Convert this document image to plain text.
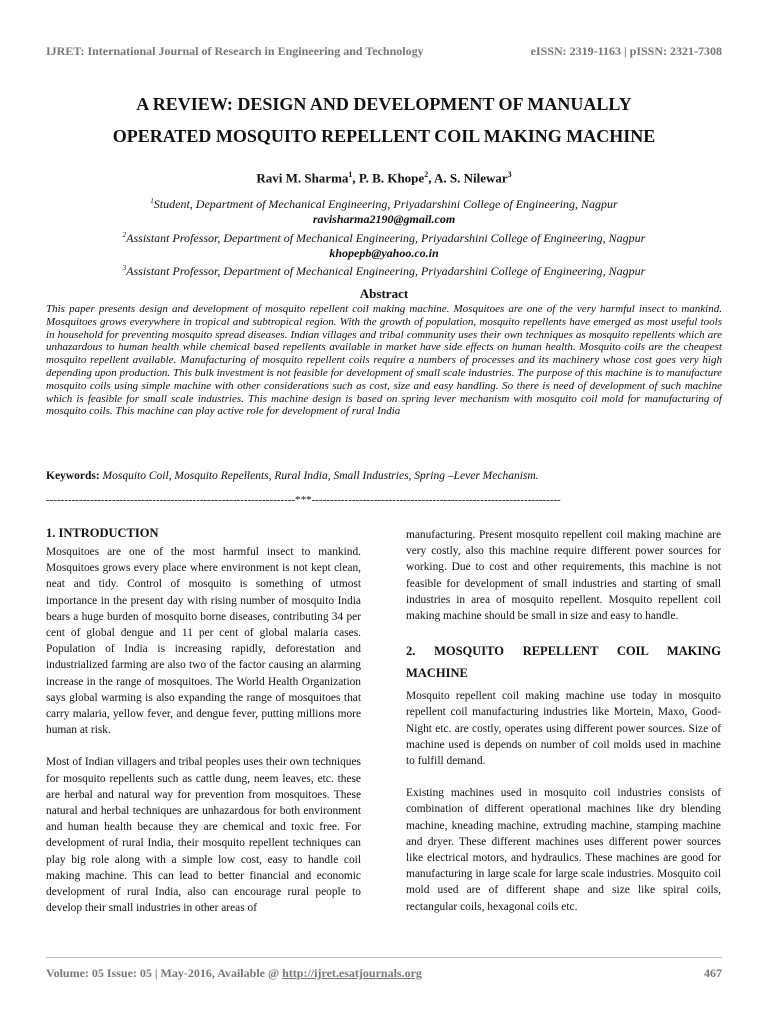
IJRET: International Journal of Research in Engineering and Technology	eISSN: 2319-1163 | pISSN: 2321-7308
A REVIEW: DESIGN AND DEVELOPMENT OF MANUALLY
OPERATED MOSQUITO REPELLENT COIL MAKING MACHINE
Ravi M. Sharma$^1$, P. B. Khope$^2$, A. S. Nilewar$^3$
$^1$Student, Department of Mechanical Engineering, Priyadarshini College of Engineering, Nagpur
ravisharma2190@gmail.com
$^2$Assistant Professor, Department of Mechanical Engineering, Priyadarshini College of Engineering, Nagpur
khopepb@yahoo.co.in
$^3$Assistant Professor, Department of Mechanical Engineering, Priyadarshini College of Engineering, Nagpur
Abstract
This paper presents design and development of mosquito repellent coil making machine. Mosquitoes are one of the very harmful insect to mankind. Mosquitoes grows everywhere in tropical and subtropical region. With the growth of population, mosquito repellents have emerged as most useful tools in household for preventing mosquito spread diseases. Indian villages and tribal community uses their own techniques as mosquito repellents which are unhazardous to human health while chemical based repellents available in market have side effects on human health. Mosquito coils are the cheapest mosquito repellent available. Manufacturing of mosquito repellent coils require a numbers of processes and its machinery whose cost goes very high depending upon production. This bulk investment is not feasible for development of small scale industries. The purpose of this machine is to manufacture mosquito coils using simple machine with other considerations such as cost, size and easy handling. So there is need of development of such machine which is feasible for small scale industries. This machine design is based on spring lever mechanism with mosquito coil mold for manufacturing of mosquito coils. This machine can play active role for development of rural India
Keywords: Mosquito Coil, Mosquito Repellents, Rural India, Small Industries, Spring –Lever Mechanism.
--------------------------------------------------------------------***--------------------------------------------------------------------
1. INTRODUCTION

Mosquitoes are one of the most harmful insect to mankind. Mosquitoes grows every place where environment is not kept clean, neat and tidy. Control of mosquito is something of utmost importance in the present day with rising number of mosquito India bears a huge burden of mosquito borne diseases, contributing 34 per cent of global dengue and 11 per cent of global malaria cases. Population of India is increasing rapidly, deforestation and industrialized farming are also two of the factor causing an alarming increase in the range of mosquitoes. The World Health Organization says global warming is also expanding the range of mosquitoes that carry malaria, yellow fever, and dengue fever, putting millions more human at risk.

Most of Indian villagers and tribal peoples uses their own techniques for mosquito repellents such as cattle dung, neem leaves, etc. these are herbal and natural way for prevention from mosquitoes. These natural and herbal techniques are unhazardous for both environment and human health because they are chemical and toxic free. For development of rural India, their mosquito repellent techniques can play big role along with a simple low cost, easy to handle coil making machine. This can lead to better financial and economic development of rural India, also can encourage rural people to develop their small industries in other areas of

manufacturing. Present mosquito repellent coil making machine are very costly, also this machine require different power sources for working. Due to cost and other requirements, this machine is not feasible for development of small industries and starting of small industries in area of mosquito repellent. Mosquito repellent coil making machine should be small in size and easy to handle.

2. MOSQUITO REPELLENT COIL MAKING MACHINE

Mosquito repellent coil making machine use today in mosquito repellent coil manufacturing industries like Mortein, Maxo, Good-Night etc. are costly, operates using different power sources. Size of machine used is depends on number of coil molds used in machine to fulfill demand.

Existing machines used in mosquito coil industries consists of combination of different operational machines like dry blending machine, kneading machine, extruding machine, stamping machine and dryer. These different machines uses different power sources like electrical motors, and hydraulics. These machines are good for manufacturing in large scale for large scale industries. Mosquito coil mold used are of different shape and size like spiral coils, rectangular coils, hexagonal coils etc.

Volume: 05 Issue: 05 | May-2016, Available @ http://ijret.esatjournals.org	467
